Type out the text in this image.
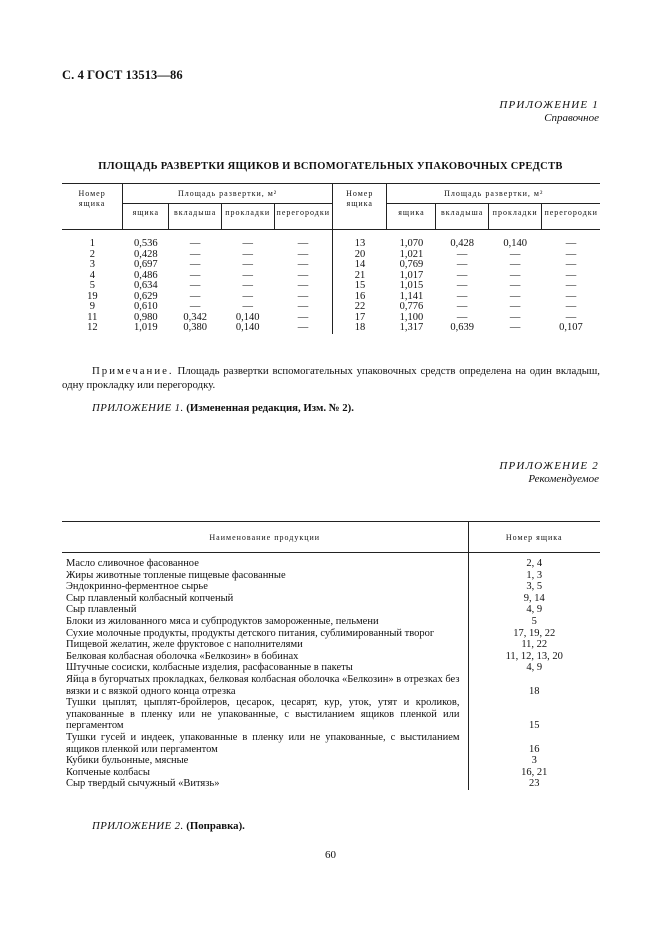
С. 4 ГОСТ 13513—86
ПРИЛОЖЕНИЕ 1
Справочное
ПЛОЩАДЬ РАЗВЕРТКИ ЯЩИКОВ И ВСПОМОГАТЕЛЬНЫХ УПАКОВОЧНЫХ СРЕДСТВ
Номер ящика	Площадь развертки, м²				Номер ящика	Площадь развертки, м²			
	ящика	вкладыша	прокладки	перегородки		ящика	вкладыша	прокладки	перегородки
1	0,536	—	—	—	13	1,070	0,428	0,140	—
2	0,428	—	—	—	20	1,021	—	—	—
3	0,697	—	—	—	14	0,769	—	—	—
4	0,486	—	—	—	21	1,017	—	—	—
5	0,634	—	—	—	15	1,015	—	—	—
19	0,629	—	—	—	16	1,141	—	—	—
9	0,610	—	—	—	22	0,776	—	—	—
11	0,980	0,342	0,140	—	17	1,100	—	—	—
12	1,019	0,380	0,140	—	18	1,317	0,639	—	0,107
Примечание. Площадь развертки вспомогательных упаковочных средств определена на один вкладыш, одну прокладку или перегородку.
ПРИЛОЖЕНИЕ 1. (Измененная редакция, Изм. № 2).
ПРИЛОЖЕНИЕ 2
Рекомендуемое
Наименование продукции	Номер ящика
Масло сливочное фасованное	2, 4
Жиры животные топленые пищевые фасованные	1, 3
Эндокринно-ферментное сырье	3, 5
Сыр плавленый колбасный копченый	9, 14
Сыр плавленый	4, 9
Блоки из жилованного мяса и субпродуктов замороженные, пельмени	5
Сухие молочные продукты, продукты детского питания, сублимированный творог	17, 19, 22
Пищевой желатин, желе фруктовое с наполнителями	11, 22
Белковая колбасная оболочка «Белкозин» в бобинах	11, 12, 13, 20
Штучные сосиски, колбасные изделия, расфасованные в пакеты	4, 9
Яйца в бугорчатых прокладках, белковая колбасная оболочка «Белкозин» в отрезках без вязки и с вязкой одного конца отрезка	18
Тушки цыплят, цыплят-бройлеров, цесарок, цесарят, кур, уток, утят и кроликов, упакованные в пленку или не упакованные, с выстиланием ящиков пленкой или пергаментом	15
Тушки гусей и индеек, упакованные в пленку или не упакованные, с выстиланием ящиков пленкой или пергаментом	16
Кубики бульонные, мясные	3
Копченые колбасы	16, 21
Сыр твердый сычужный «Витязь»	23
ПРИЛОЖЕНИЕ 2. (Поправка).
60
